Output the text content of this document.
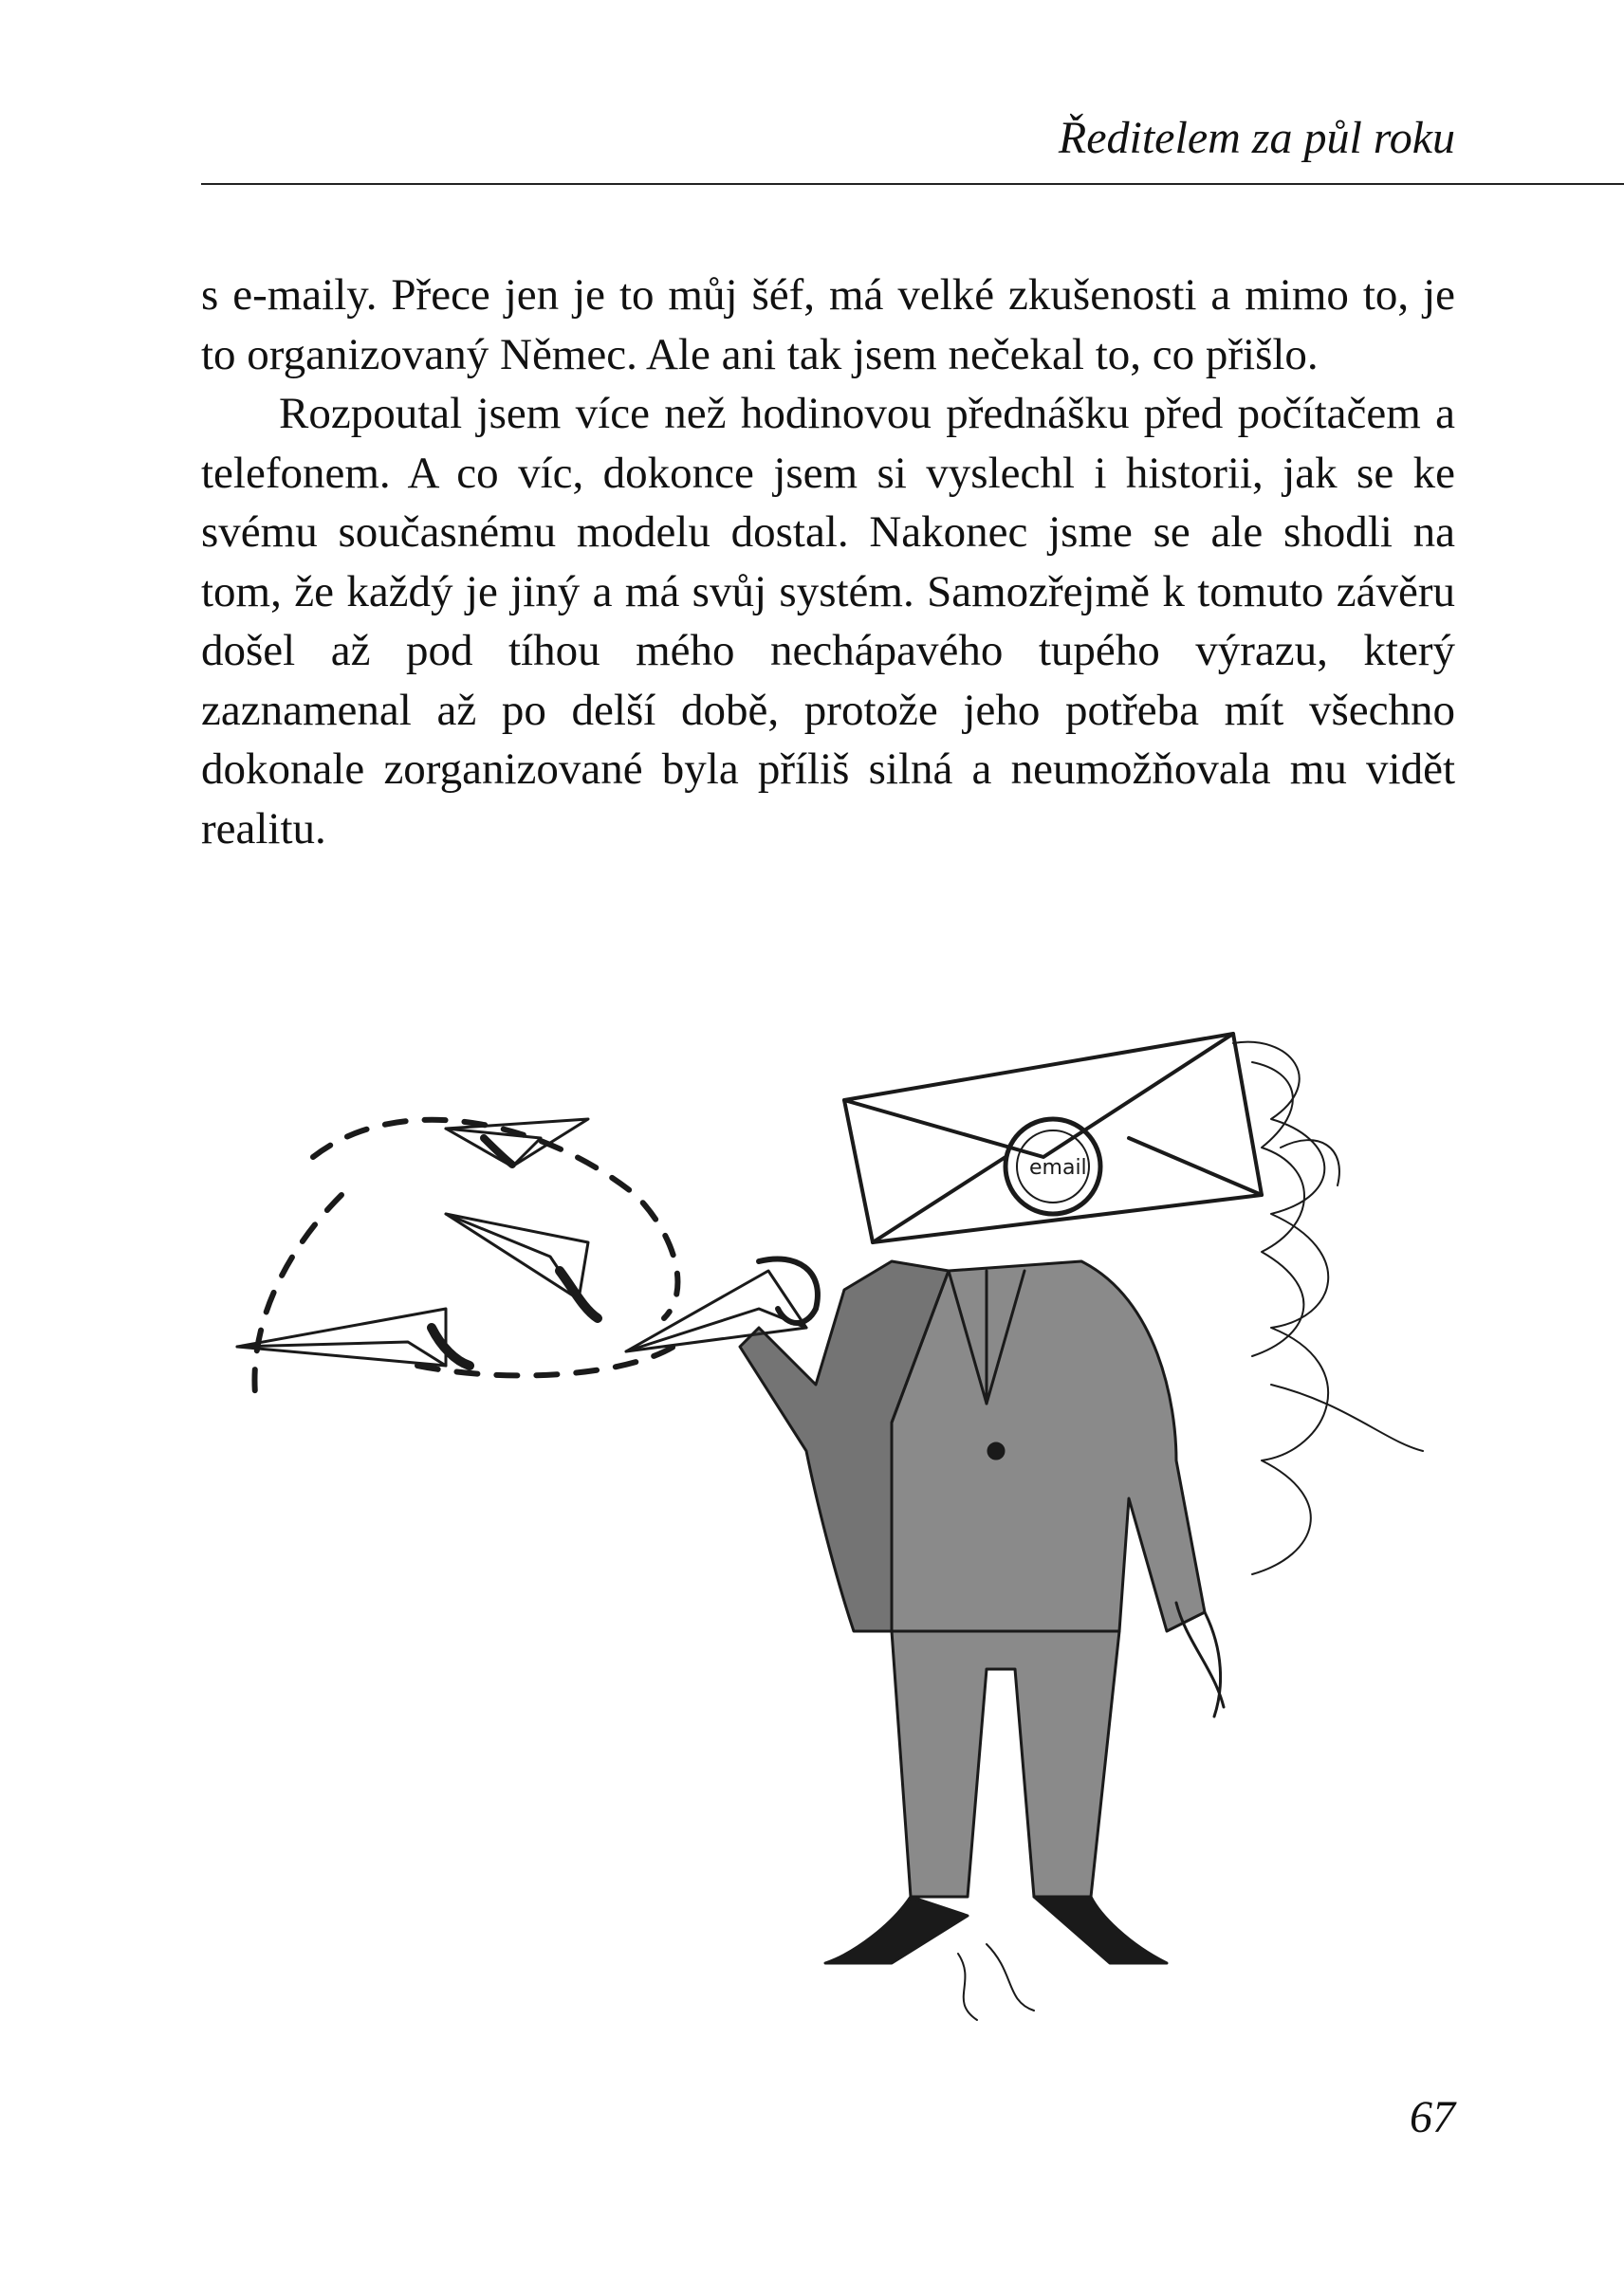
Ředitelem za půl roku

s e-maily. Přece jen je to můj šéf, má velké zkušenosti a mimo to, je to organizovaný Němec. Ale ani tak jsem nečekal to, co přišlo.

Rozpoutal jsem více než hodinovou přednášku před počítačem a telefonem. A co víc, dokonce jsem si vyslechl i historii, jak se ke svému současnému modelu dostal. Nakonec jsme se ale shodli na tom, že každý je jiný a má svůj systém. Samozřejmě k tomuto závěru došel až pod tíhou mého nechápavého tupého výrazu, který zaznamenal až po delší době, protože jeho potřeba mít všechno dokonale zorganizované byla příliš silná a neumožňovala mu vidět realitu.

email
67
